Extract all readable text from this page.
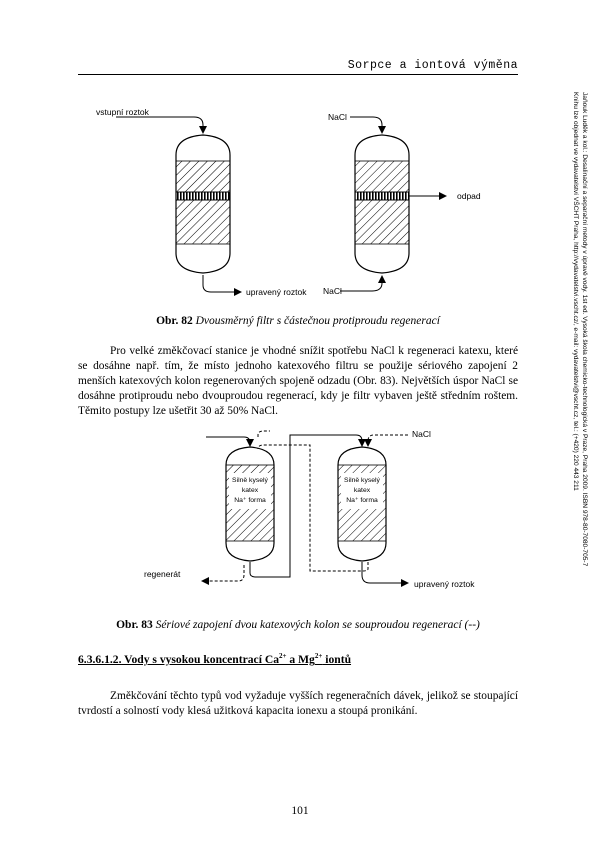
Sorpce a iontová výměna
vstupní roztok	NaCl
odpad
upravený roztok NaCl
Obr. 82 Dvousměrný filtr s částečnou protiproudu regenerací
Pro velké změkčovací stanice je vhodné snížit spotřebu NaCl k regeneraci katexu, které se dosáhne např. tím, že místo jednoho katexového filtru se použije sériového zapojení 2 menších katexových kolon regenerovaných spojeně odzadu (Obr. 83). Největších úspor NaCl se dosáhne protiproudu nebo dvouproudou regenerací, kdy je filtr vybaven ještě středním roštem. Těmito postupy lze ušetřit 30 až 50% NaCl.
NaCl
Silně kyselý
katex
Na⁺ forma
Silně kyselý
katex
Na⁺ forma
regenerát
upravený roztok
Obr. 83 Sériové zapojení dvou katexových kolon se souproudou regenerací (--)
6.3.6.1.2. Vody s vysokou koncentrací $Ca^{2+}$ a $Mg^{2+}$ iontů
Změkčování těchto typů vod vyžaduje vyšších regeneračních dávek, jelikož se stoupající tvrdostí a solností vody klesá užitková kapacita ionexu a stoupá pronikání.
101
Jaňouk Luděk a kol.: Desalinační a separační metody v úpravě vody. 1st ed. Vysoká škola chemicko-technologická v Praze, Praha 2009. ISBN 978-80-7080-705-7
Knihu lze objednat ve vydavatelství VŠCHT Praha, http://vydavatelstvi.vscht.cz/, e-mail: vydavatelstvi@vscht.cz, tel.: (+420) 220 443 211
